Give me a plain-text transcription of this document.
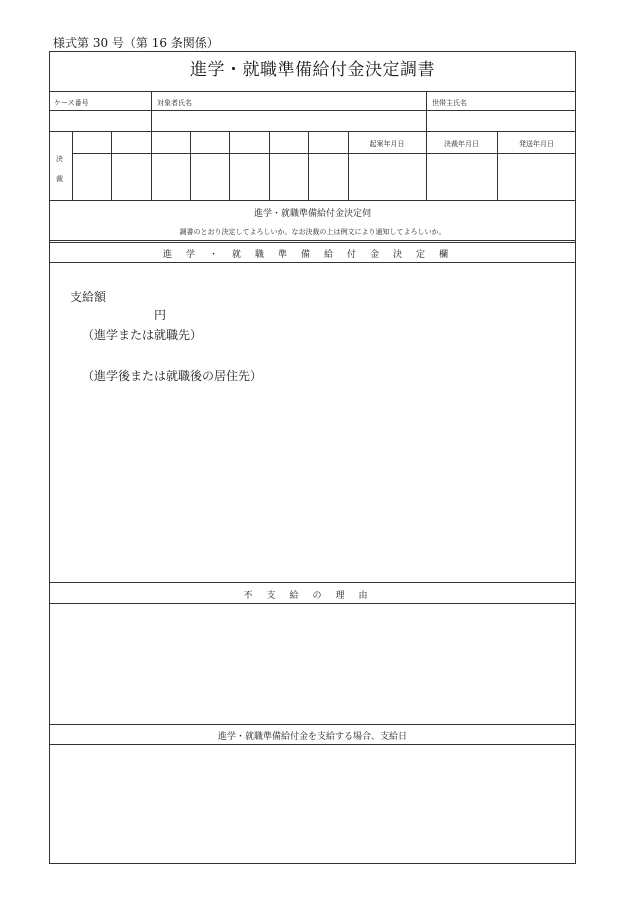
様式第 30 号（第 16 条関係）
進学・就職準備給付金決定調書
ケース番号	対象者氏名	世帯主氏名
決
裁
起案年月日	決裁年月日	発送年月日
進学・就職準備給付金決定伺
調書のとおり決定してよろしいか。なお決裁の上は例文により通知してよろしいか。
進学・就職準備給付金決定欄
支給額
円
（進学または就職先）
（進学後または就職後の居住先）
不支給の理由
進学・就職準備給付金を支給する場合、支給日
